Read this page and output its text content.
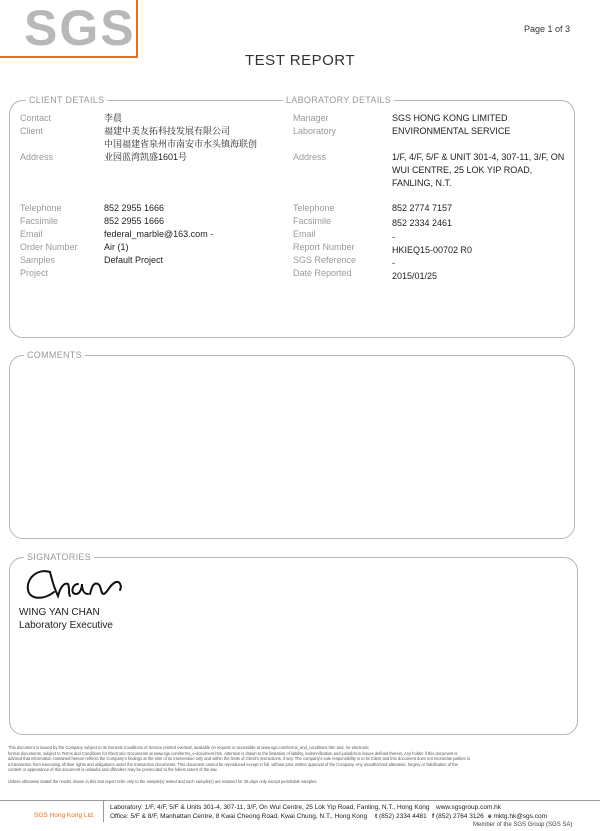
SGS	Page 1 of 3
TEST REPORT
CLIENT DETAILS	LABORATORY DETAILS
Contact	李晨
Client	福建中美友拓科技发展有限公司
中国福建省泉州市南安市水头镇海联创
Address	业园蓝湾凯盛1601号
Telephone	852 2955 1666
Facsimile	852 2955 1666
Email	federal_marble@163.com -
Order Number	Air (1)
Samples	Default Project
Project
Manager	SGS HONG KONG LIMITED
Laboratory	ENVIRONMENTAL SERVICE
Address	1/F, 4/F, 5/F & UNIT 301-4, 307-11, 3/F, ON
WUI CENTRE, 25 LOK YIP ROAD,
FANLING, N.T.
Telephone	852 2774 7157
Facsimile	852 2334 2461
Email	-
Report Number	HKIEQ15-00702 R0
SGS Reference	-
Date Reported	2015/01/25
COMMENTS
SIGNATORIES
WING YAN CHAN
Laboratory Executive
This document is issued by the Company subject to its General Conditions of Service printed overleaf, available on request or accessible at www.sgs.com/terms_and_conditions.htm and, for electronic
format documents, subject to Terms and Conditions for Electronic Documents at www.sgs.com/terms_e-document.htm. Attention is drawn to the limitation of liability, indemnification and jurisdiction issues defined therein. Any holder if this document is
advised that information contained hereon reflects the Company's findings at the time of its intervention only and within the limits of Client's instructions, if any. The company's sole responsibility is to its Client and this document does not exonerate parties to
a transaction from exercising all their rights and obligations under the transaction documents. This document cannot be reproduced except in full, without prior written approval of the Company. Any unauthorized alteration, forgery or falsification of the
content or appearance of this document is unlawful and offenders may be prosecuted to the fullest extent of the law.
Unless otherwise stated the results shown in this test report refer only to the sample(s) tested and such sample(s) are retained for 30 days only except perishable samples.
SGS Hong Kong Ltd.
Laboratory: 1/F, 4/F, 5/F & Units 301-4, 307-11, 3/F, On Wui Centre, 25 Lok Yip Road, Fanling, N.T., Hong Kong www.sgsgroup.com.hk
Office: 5/F & 8/F, Manhattan Centre, 8 Kwai Cheong Road, Kwai Chung, N.T., Hong Kong t (852) 2334 4481 f (852) 2764 3126 e mktg.hk@sgs.com
Member of the SGS Group (SGS SA)
